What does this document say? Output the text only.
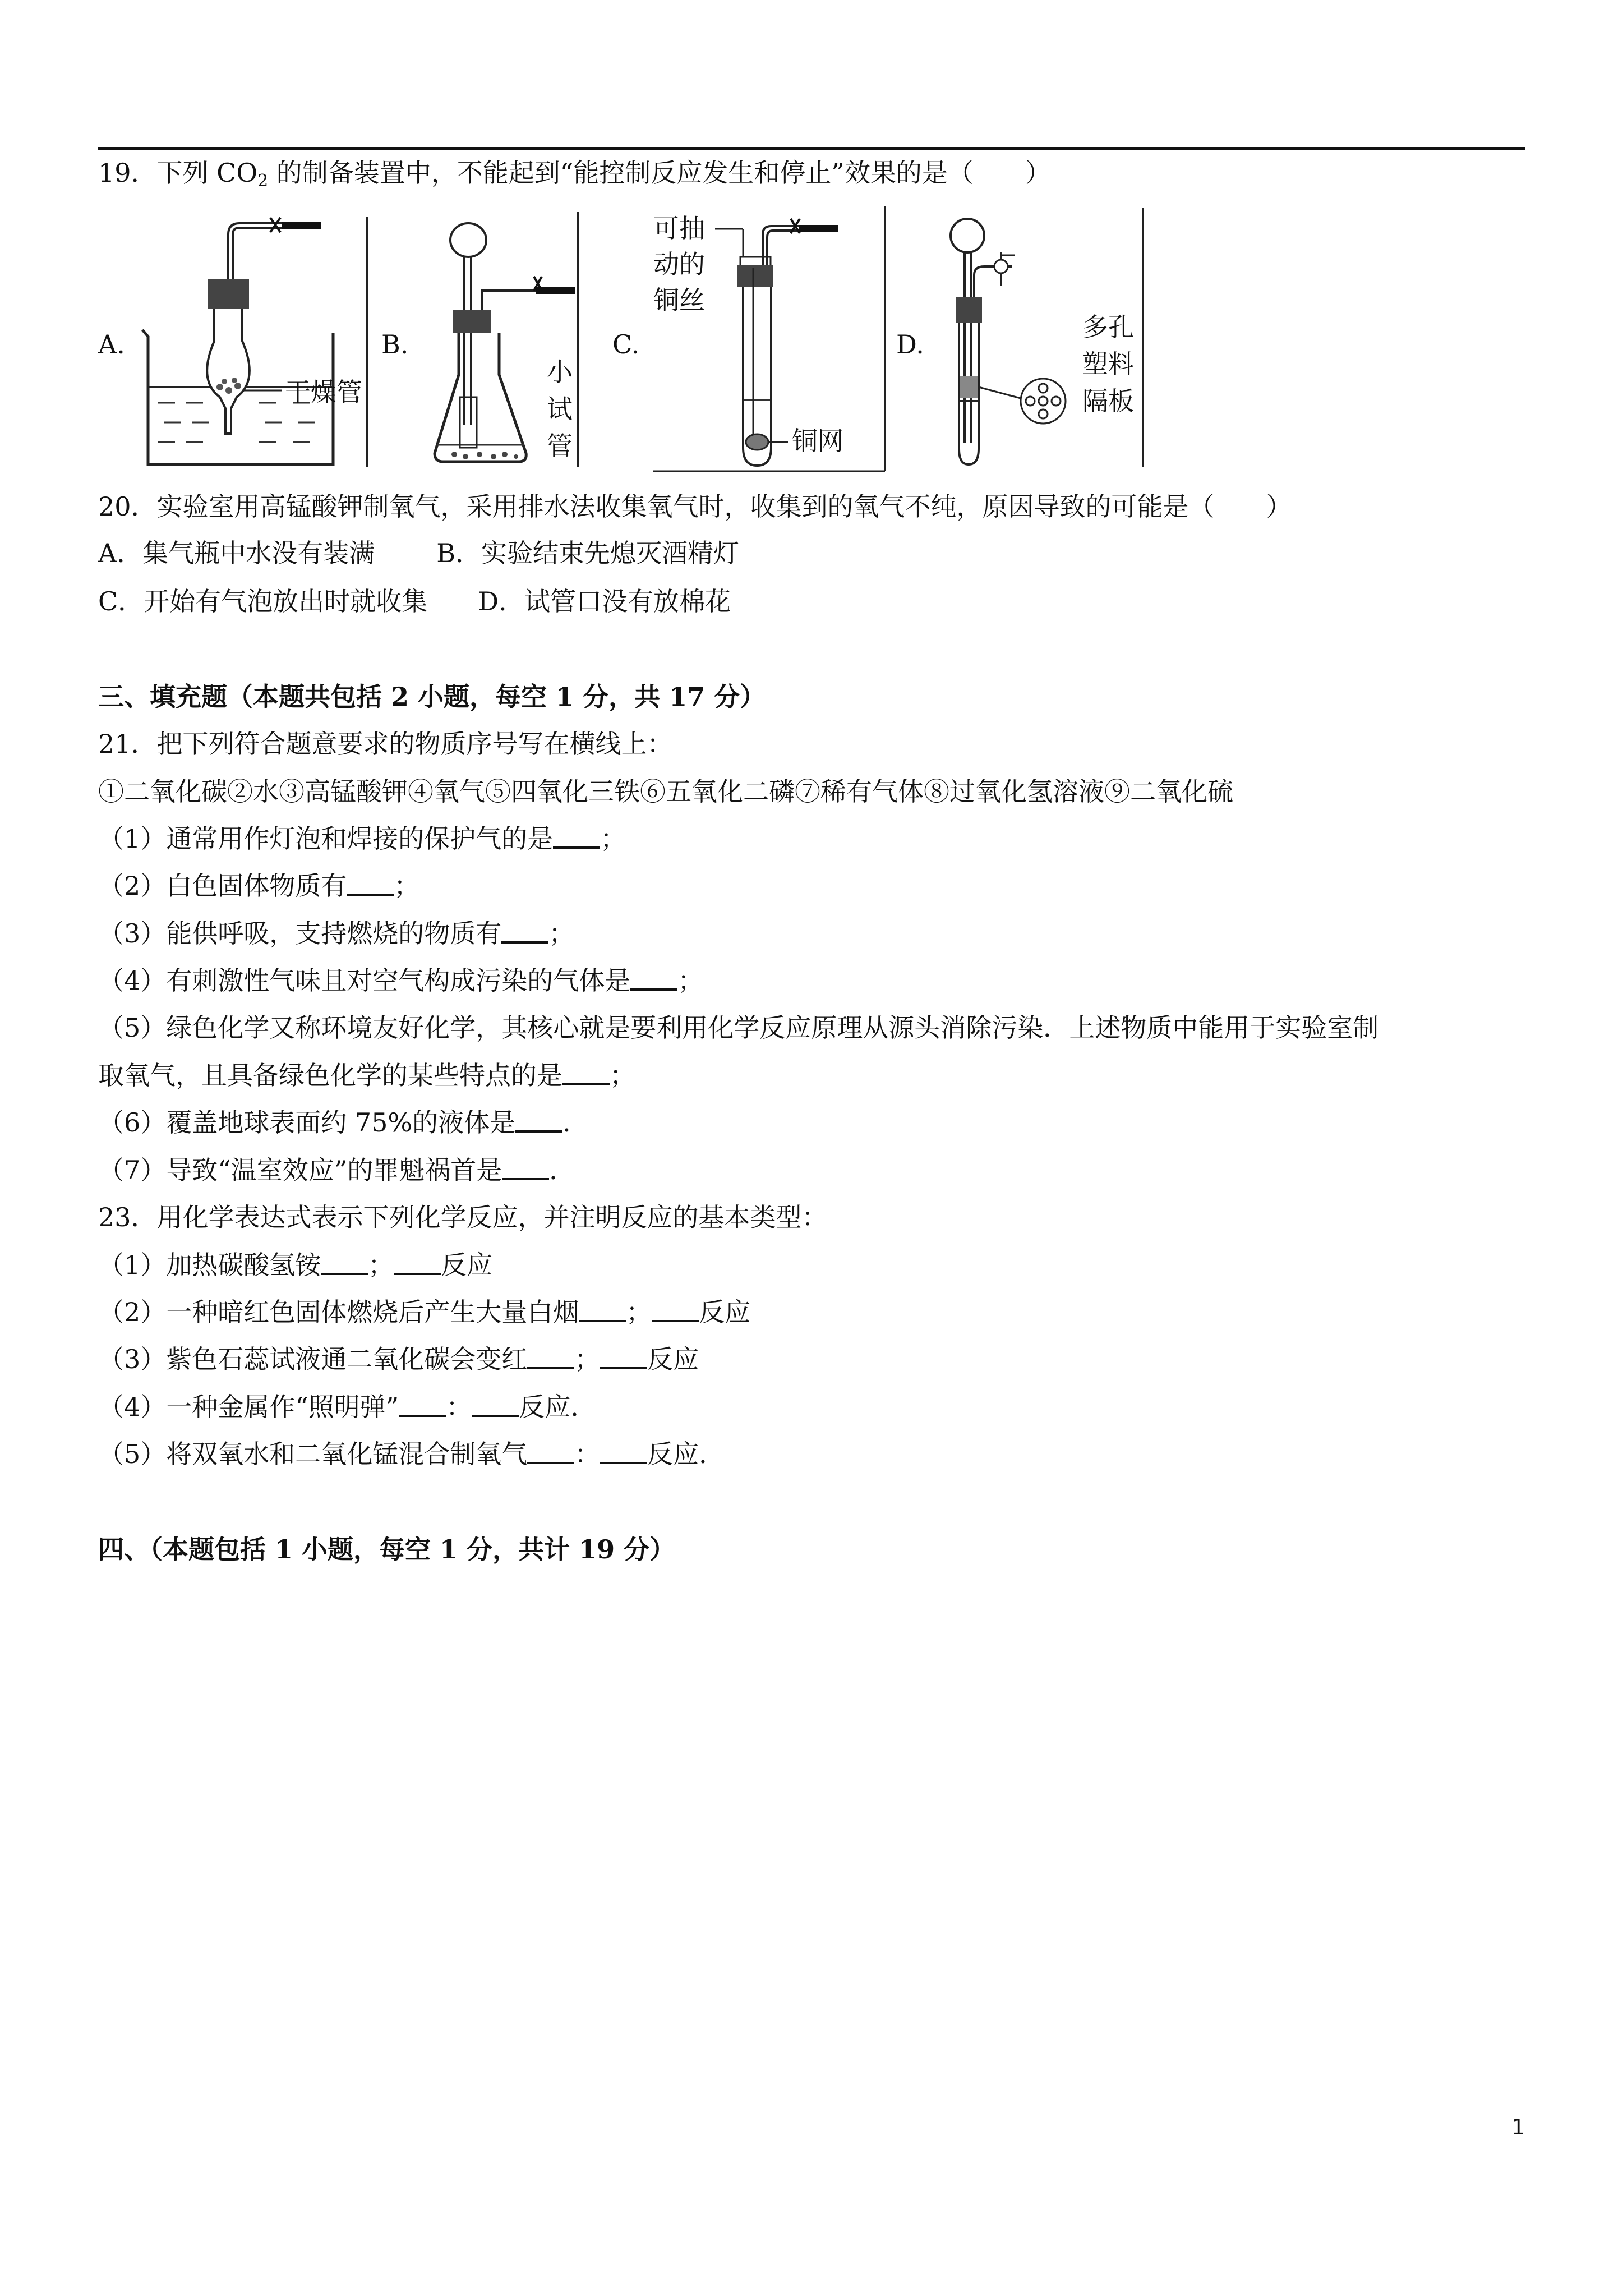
19．下列 $CO_2$ 的制备装置中，不能起到“能控制反应发生和停止”效果的是（　　）
A.
干燥管
B.
小试管
C.
可抽动的铜丝
铜网
D.
多孔塑料隔板
20．实验室用高锰酸钾制氧气，采用排水法收集氧气时，收集到的氧气不纯，原因导致的可能是（　　）
A．集气瓶中水没有装满 B．实验结束先熄灭酒精灯
C．开始有气泡放出时就收集 D．试管口没有放棉花
三、填充题（本题共包括 2 小题，每空 1 分，共 17 分）
21．把下列符合题意要求的物质序号写在横线上：
①二氧化碳②水③高锰酸钾④氧气⑤四氧化三铁⑥五氧化二磷⑦稀有气体⑧过氧化氢溶液⑨二氧化硫
（1）通常用作灯泡和焊接的保护气的是 ；
（2）白色固体物质有 ；
（3）能供呼吸，支持燃烧的物质有 ；
（4）有刺激性气味且对空气构成污染的气体是 ；
（5）绿色化学又称环境友好化学，其核心就是要利用化学反应原理从源头消除污染．上述物质中能用于实验室制
取氧气，且具备绿色化学的某些特点的是 ；
（6）覆盖地球表面约 75%的液体是 ．
（7）导致“温室效应”的罪魁祸首是 ．
23．用化学表达式表示下列化学反应，并注明反应的基本类型：
（1）加热碳酸氢铵 ； 反应
（2）一种暗红色固体燃烧后产生大量白烟 ； 反应
（3）紫色石蕊试液通二氧化碳会变红 ； 反应
（4）一种金属作“照明弹” ： 反应．
（5）将双氧水和二氧化锰混合制氧气 ： 反应．
四、（本题包括 1 小题，每空 1 分，共计 19 分）
1
